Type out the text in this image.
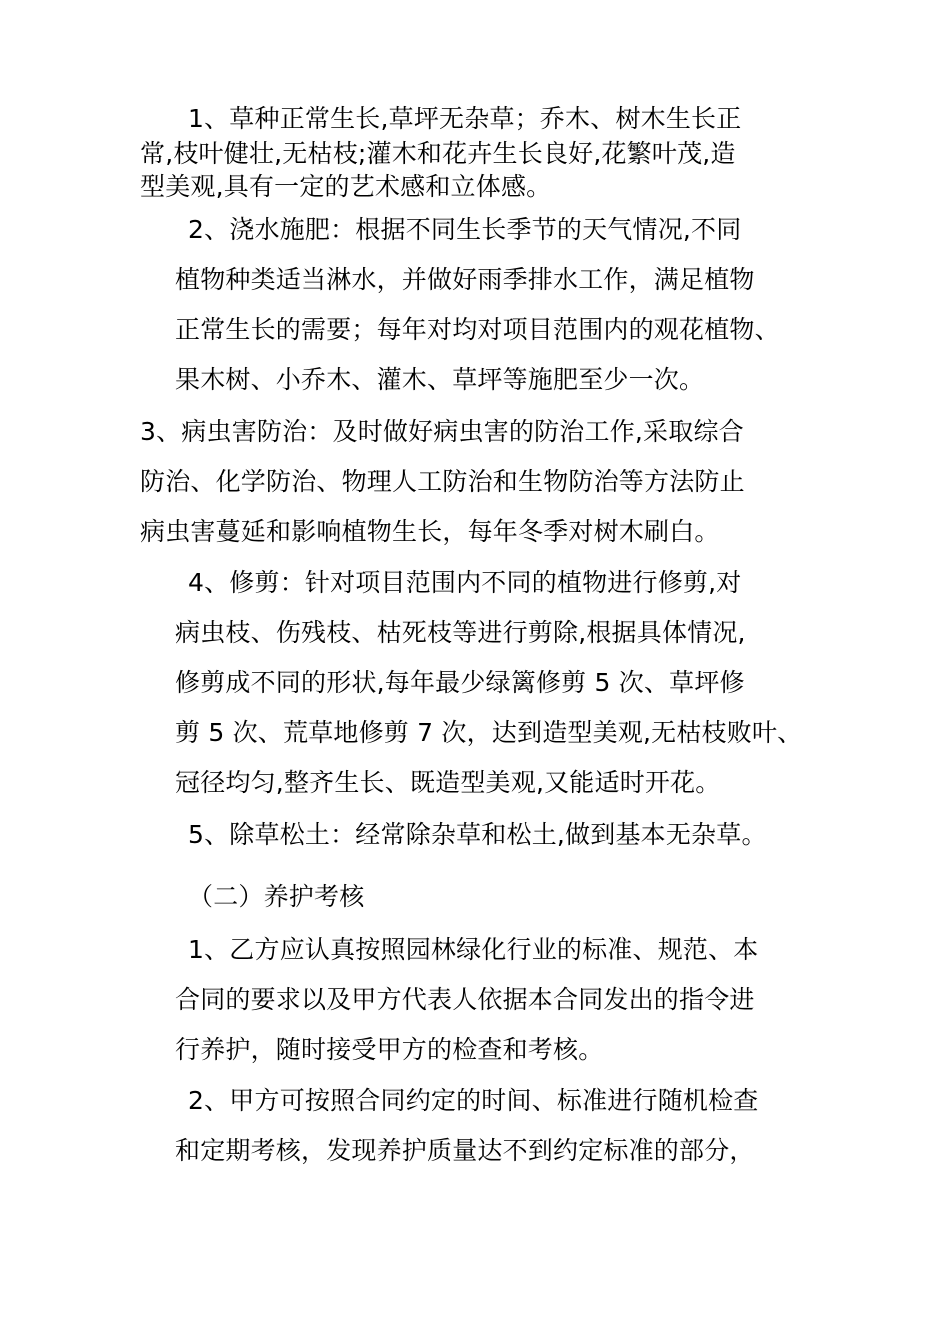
1、草种正常生长,草坪无杂草；乔木、树木生长正

常,枝叶健壮,无枯枝;灌木和花卉生长良好,花繁叶茂,造

型美观,具有一定的艺术感和立体感。

2、浇水施肥：根据不同生长季节的天气情况,不同

植物种类适当淋水，并做好雨季排水工作，满足植物

正常生长的需要；每年对均对项目范围内的观花植物、

果木树、小乔木、灌木、草坪等施肥至少一次。

3、病虫害防治：及时做好病虫害的防治工作,采取综合

防治、化学防治、物理人工防治和生物防治等方法防止

病虫害蔓延和影响植物生长，每年冬季对树木刷白。

4、修剪：针对项目范围内不同的植物进行修剪,对

病虫枝、伤残枝、枯死枝等进行剪除,根据具体情况,

修剪成不同的形状,每年最少绿篱修剪 5 次、草坪修

剪 5 次、荒草地修剪 7 次，达到造型美观,无枯枝败叶、

冠径均匀,整齐生长、既造型美观,又能适时开花。

5、除草松土：经常除杂草和松土,做到基本无杂草。

（二）养护考核

1、乙方应认真按照园林绿化行业的标准、规范、本

合同的要求以及甲方代表人依据本合同发出的指令进

行养护，随时接受甲方的检查和考核。

2、甲方可按照合同约定的时间、标准进行随机检查

和定期考核，发现养护质量达不到约定标准的部分，
